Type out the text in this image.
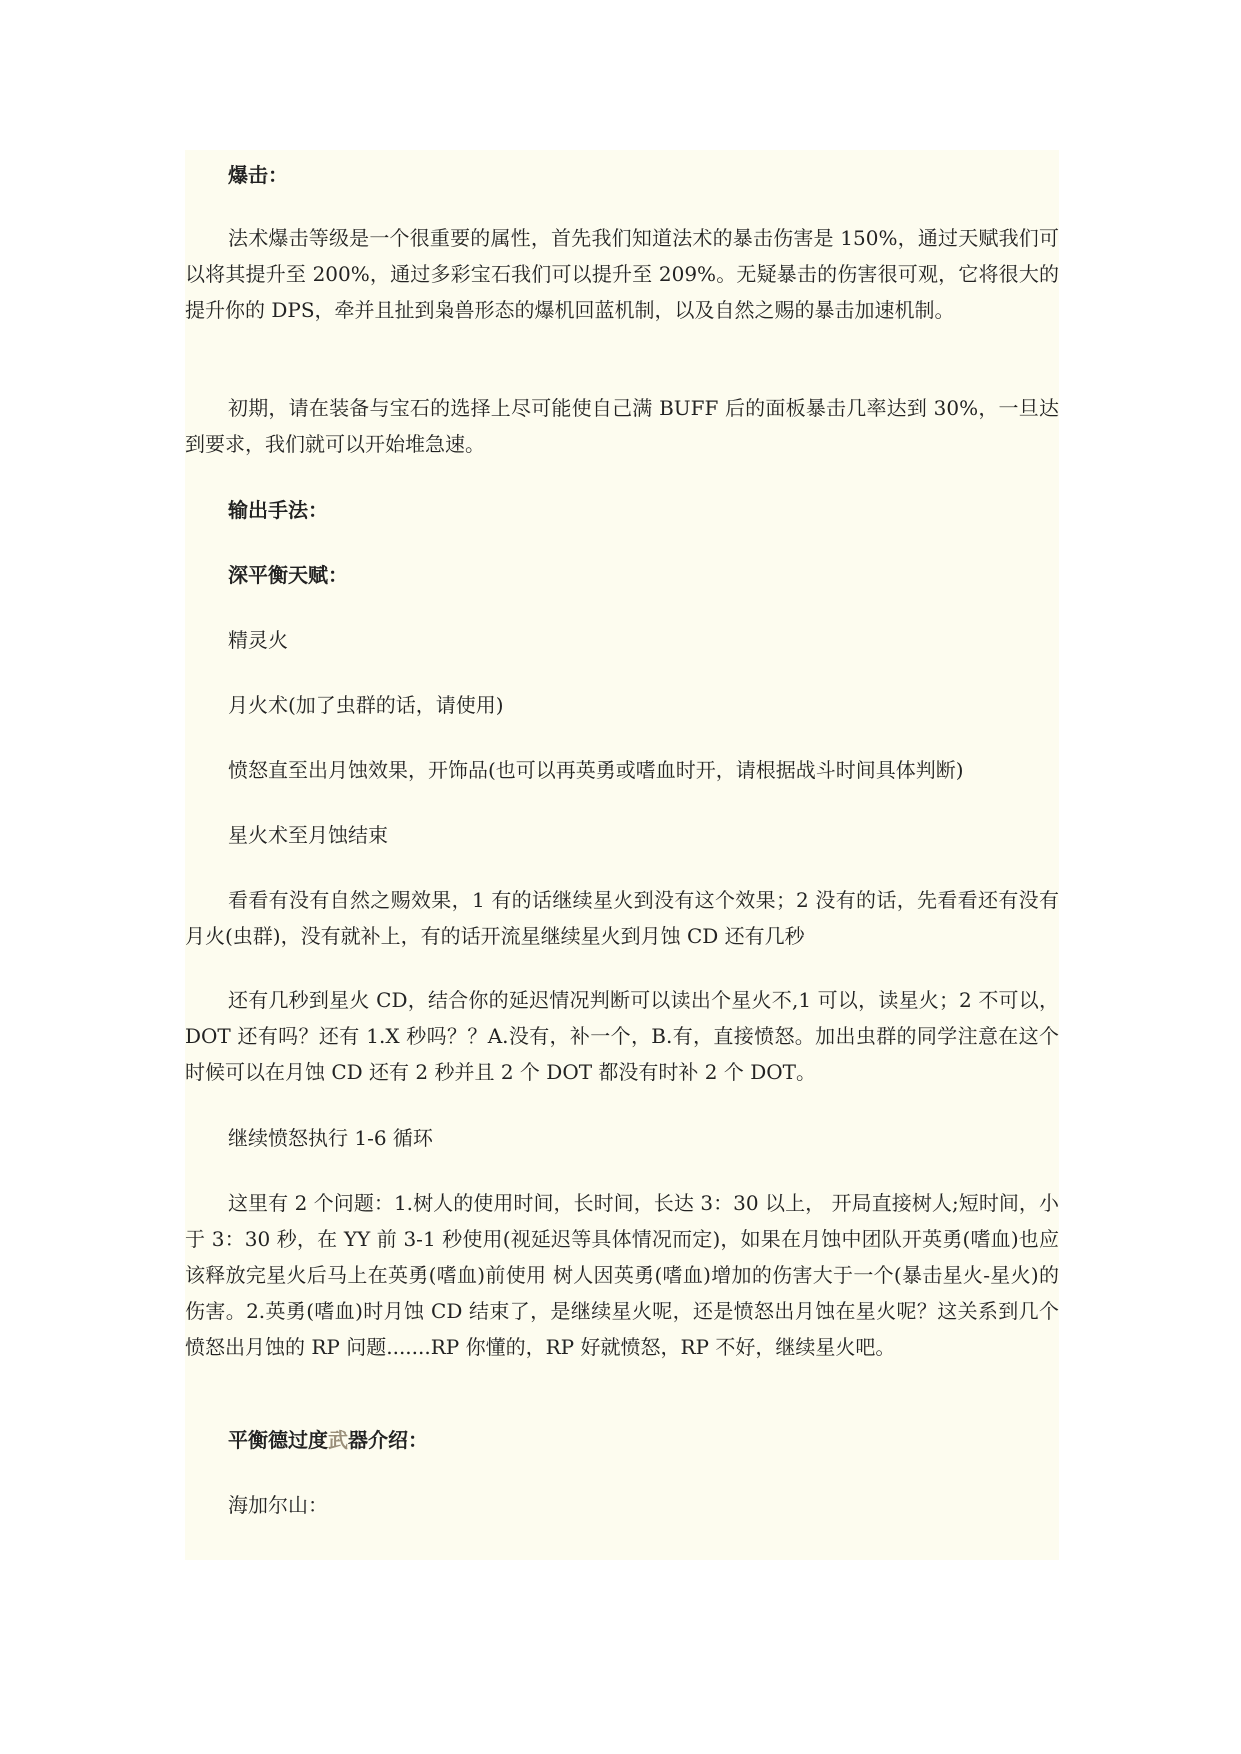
爆击：

法术爆击等级是一个很重要的属性，首先我们知道法术的暴击伤害是 150%，通过天赋我们可以将其提升至 200%，通过多彩宝石我们可以提升至 209%。无疑暴击的伤害很可观，它将很大的提升你的 DPS，牵并且扯到枭兽形态的爆机回蓝机制，以及自然之赐的暴击加速机制。

初期，请在装备与宝石的选择上尽可能使自己满 BUFF 后的面板暴击几率达到 30%，一旦达到要求，我们就可以开始堆急速。

输出手法：

深平衡天赋：

精灵火

月火术(加了虫群的话，请使用)

愤怒直至出月蚀效果，开饰品(也可以再英勇或嗜血时开，请根据战斗时间具体判断)

星火术至月蚀结束

看看有没有自然之赐效果，1 有的话继续星火到没有这个效果；2 没有的话，先看看还有没有月火(虫群)，没有就补上，有的话开流星继续星火到月蚀 CD 还有几秒

还有几秒到星火 CD，结合你的延迟情况判断可以读出个星火不,1 可以，读星火；2 不可以，DOT 还有吗？还有 1.X 秒吗？？A.没有，补一个，B.有，直接愤怒。加出虫群的同学注意在这个时候可以在月蚀 CD 还有 2 秒并且 2 个 DOT 都没有时补 2 个 DOT。

继续愤怒执行 1-6 循环

这里有 2 个问题：1.树人的使用时间，长时间，长达 3：30 以上， 开局直接树人;短时间，小于 3：30 秒，在 YY 前 3-1 秒使用(视延迟等具体情况而定)，如果在月蚀中团队开英勇(嗜血)也应该释放完星火后马上在英勇(嗜血)前使用 树人因英勇(嗜血)增加的伤害大于一个(暴击星火-星火)的伤害。2.英勇(嗜血)时月蚀 CD 结束了，是继续星火呢，还是愤怒出月蚀在星火呢？这关系到几个愤怒出月蚀的 RP 问题.......RP 你懂的，RP 好就愤怒，RP 不好，继续星火吧。

平衡德过度武器介绍：

海加尔山：
